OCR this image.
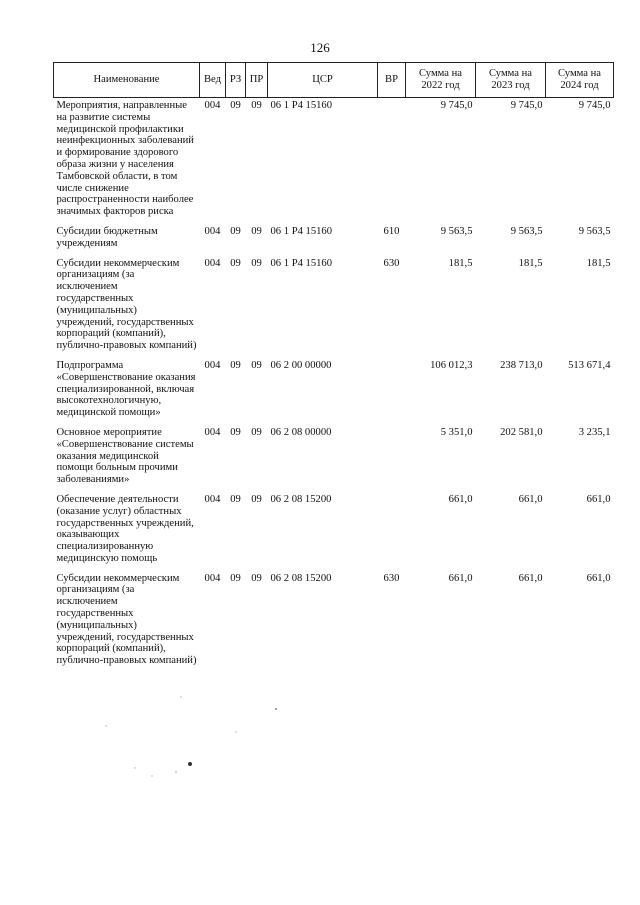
126
Наименование	Вед	РЗ	ПР	ЦСР	ВР	Сумма на 2022 год	Сумма на 2023 год	Сумма на 2024 год
Мероприятия, направленные на развитие системы медицинской профилактики неинфекционных заболеваний и формирование здорового образа жизни у населения Тамбовской области, в том числе снижение распространенности наиболее значимых факторов риска	004	09	09	06 1 P4 15160		9 745,0	9 745,0	9 745,0
Субсидии бюджетным учреждениям	004	09	09	06 1 P4 15160	610	9 563,5	9 563,5	9 563,5
Субсидии некоммерческим организациям (за исключением государственных (муниципальных) учреждений, государственных корпораций (компаний), публично-правовых компаний)	004	09	09	06 1 P4 15160	630	181,5	181,5	181,5
Подпрограмма «Совершенствование оказания специализированной, включая высокотехнологичную, медицинской помощи»	004	09	09	06 2 00 00000		106 012,3	238 713,0	513 671,4
Основное мероприятие «Совершенствование системы оказания медицинской помощи больным прочими заболеваниями»	004	09	09	06 2 08 00000		5 351,0	202 581,0	3 235,1
Обеспечение деятельности (оказание услуг) областных государственных учреждений, оказывающих специализированную медицинскую помощь	004	09	09	06 2 08 15200		661,0	661,0	661,0
Субсидии некоммерческим организациям (за исключением государственных (муниципальных) учреждений, государственных корпораций (компаний), публично-правовых компаний)	004	09	09	06 2 08 15200	630	661,0	661,0	661,0
